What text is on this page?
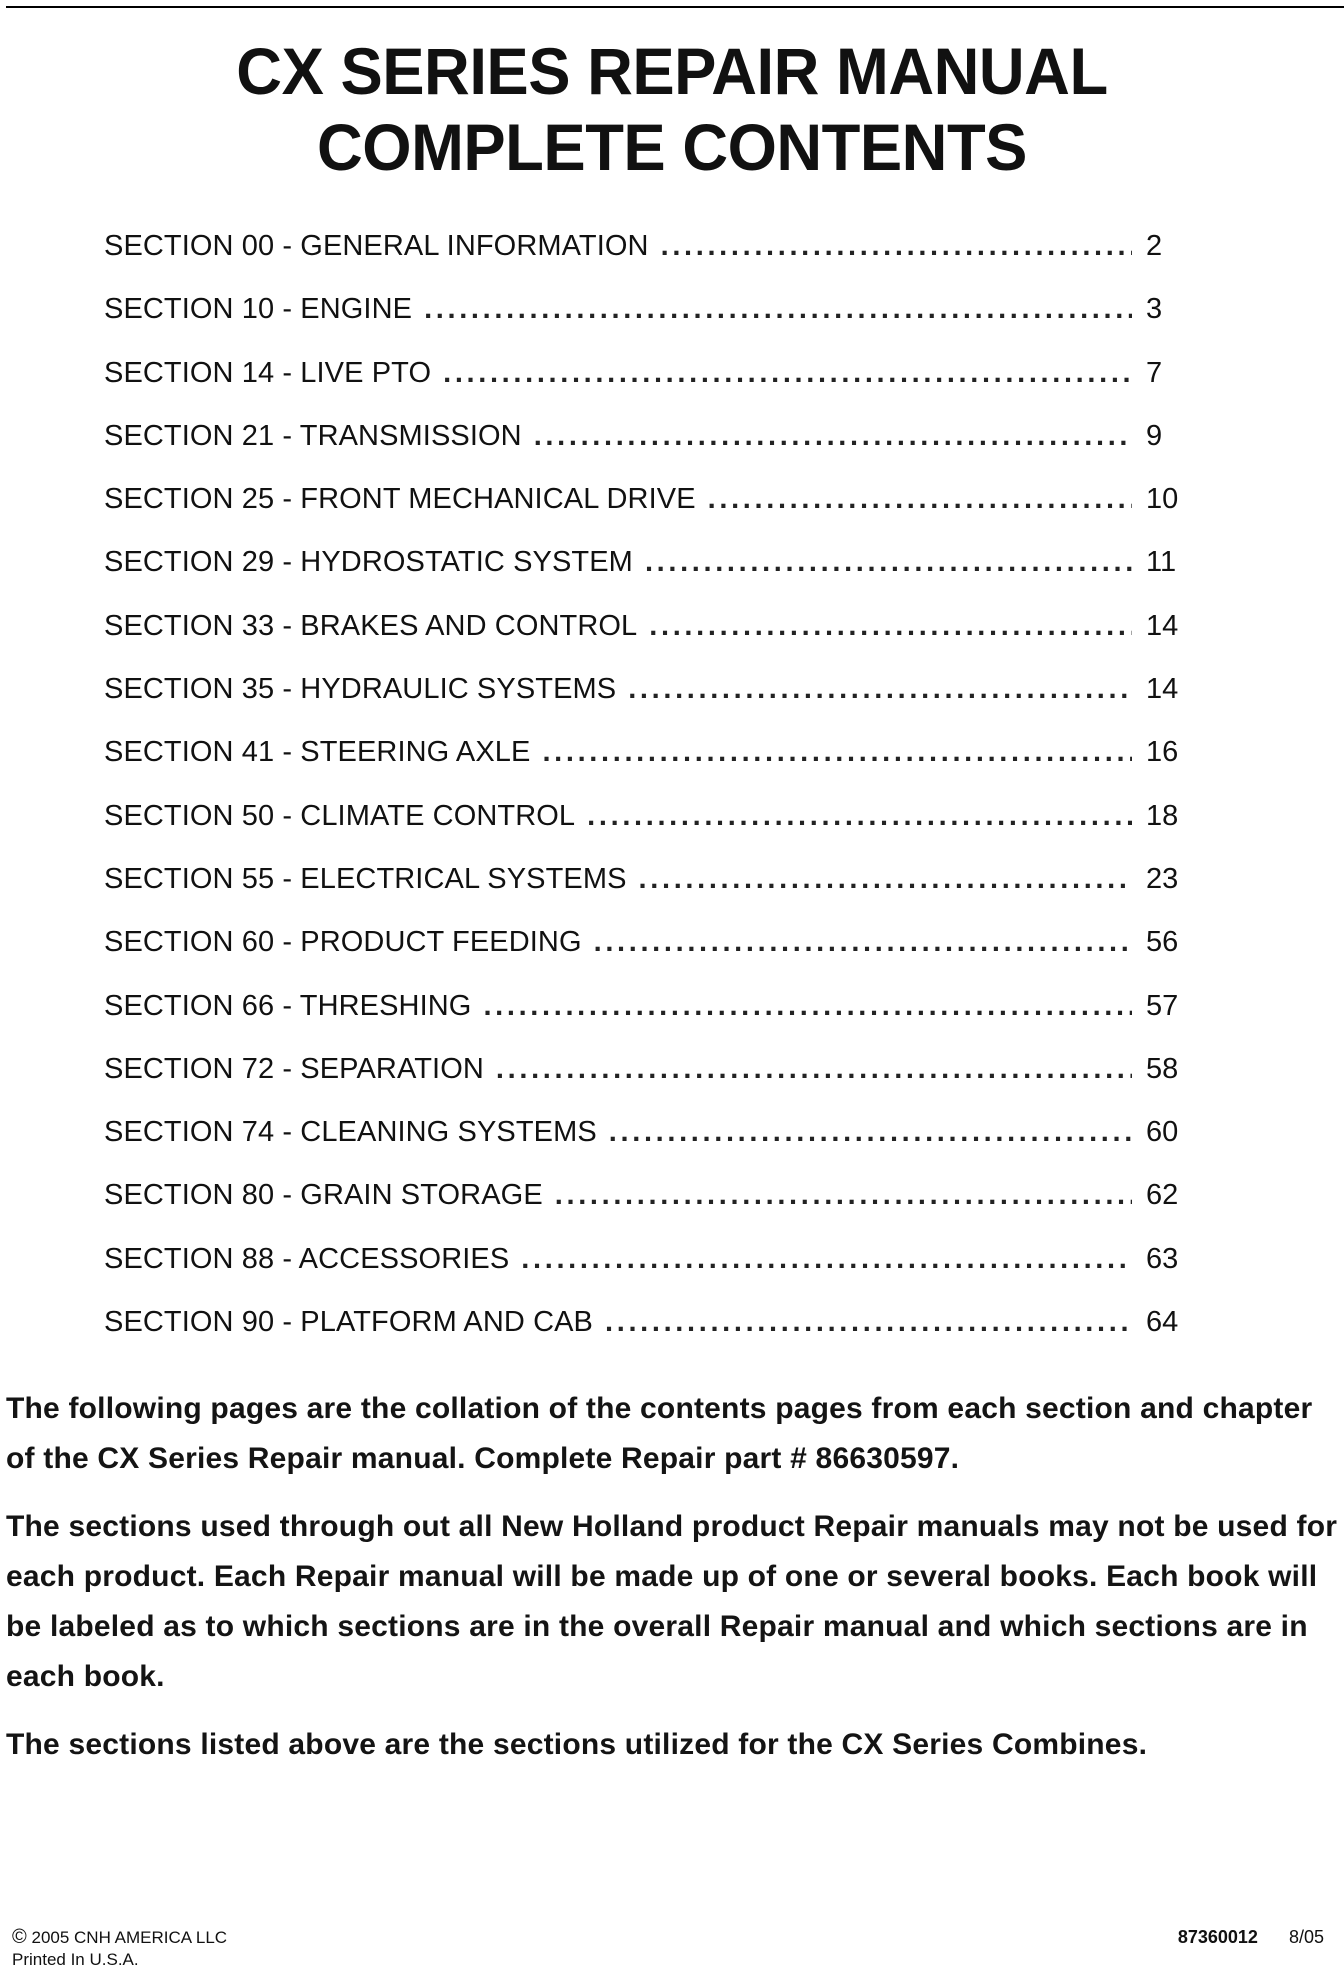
CX SERIES REPAIR MANUAL
COMPLETE CONTENTS
SECTION 00 - GENERAL INFORMATION . . .	2
SECTION 10 - ENGINE . . .	3
SECTION 14 - LIVE PTO . . .	7
SECTION 21 - TRANSMISSION . . .	9
SECTION 25 - FRONT MECHANICAL DRIVE . . .	10
SECTION 29 - HYDROSTATIC SYSTEM . . .	11
SECTION 33 - BRAKES AND CONTROL . . .	14
SECTION 35 - HYDRAULIC SYSTEMS . . .	14
SECTION 41 - STEERING AXLE . . .	16
SECTION 50 - CLIMATE CONTROL . . .	18
SECTION 55 - ELECTRICAL SYSTEMS . . .	23
SECTION 60 - PRODUCT FEEDING . . .	56
SECTION 66 - THRESHING . . .	57
SECTION 72 - SEPARATION . . .	58
SECTION 74 - CLEANING SYSTEMS . . .	60
SECTION 80 - GRAIN STORAGE . . .	62
SECTION 88 - ACCESSORIES . . .	63
SECTION 90 - PLATFORM AND CAB . . .	64

The following pages are the collation of the contents pages from each section and chapter of the CX Series Repair manual. Complete Repair part # 86630597.

The sections used through out all New Holland product Repair manuals may not be used for each product. Each Repair manual will be made up of one or several books. Each book will be labeled as to which sections are in the overall Repair manual and which sections are in each book.

The sections listed above are the sections utilized for the CX Series Combines.

© 2005 CNH AMERICA LLC
Printed In U.S.A.
87360012 8/05
